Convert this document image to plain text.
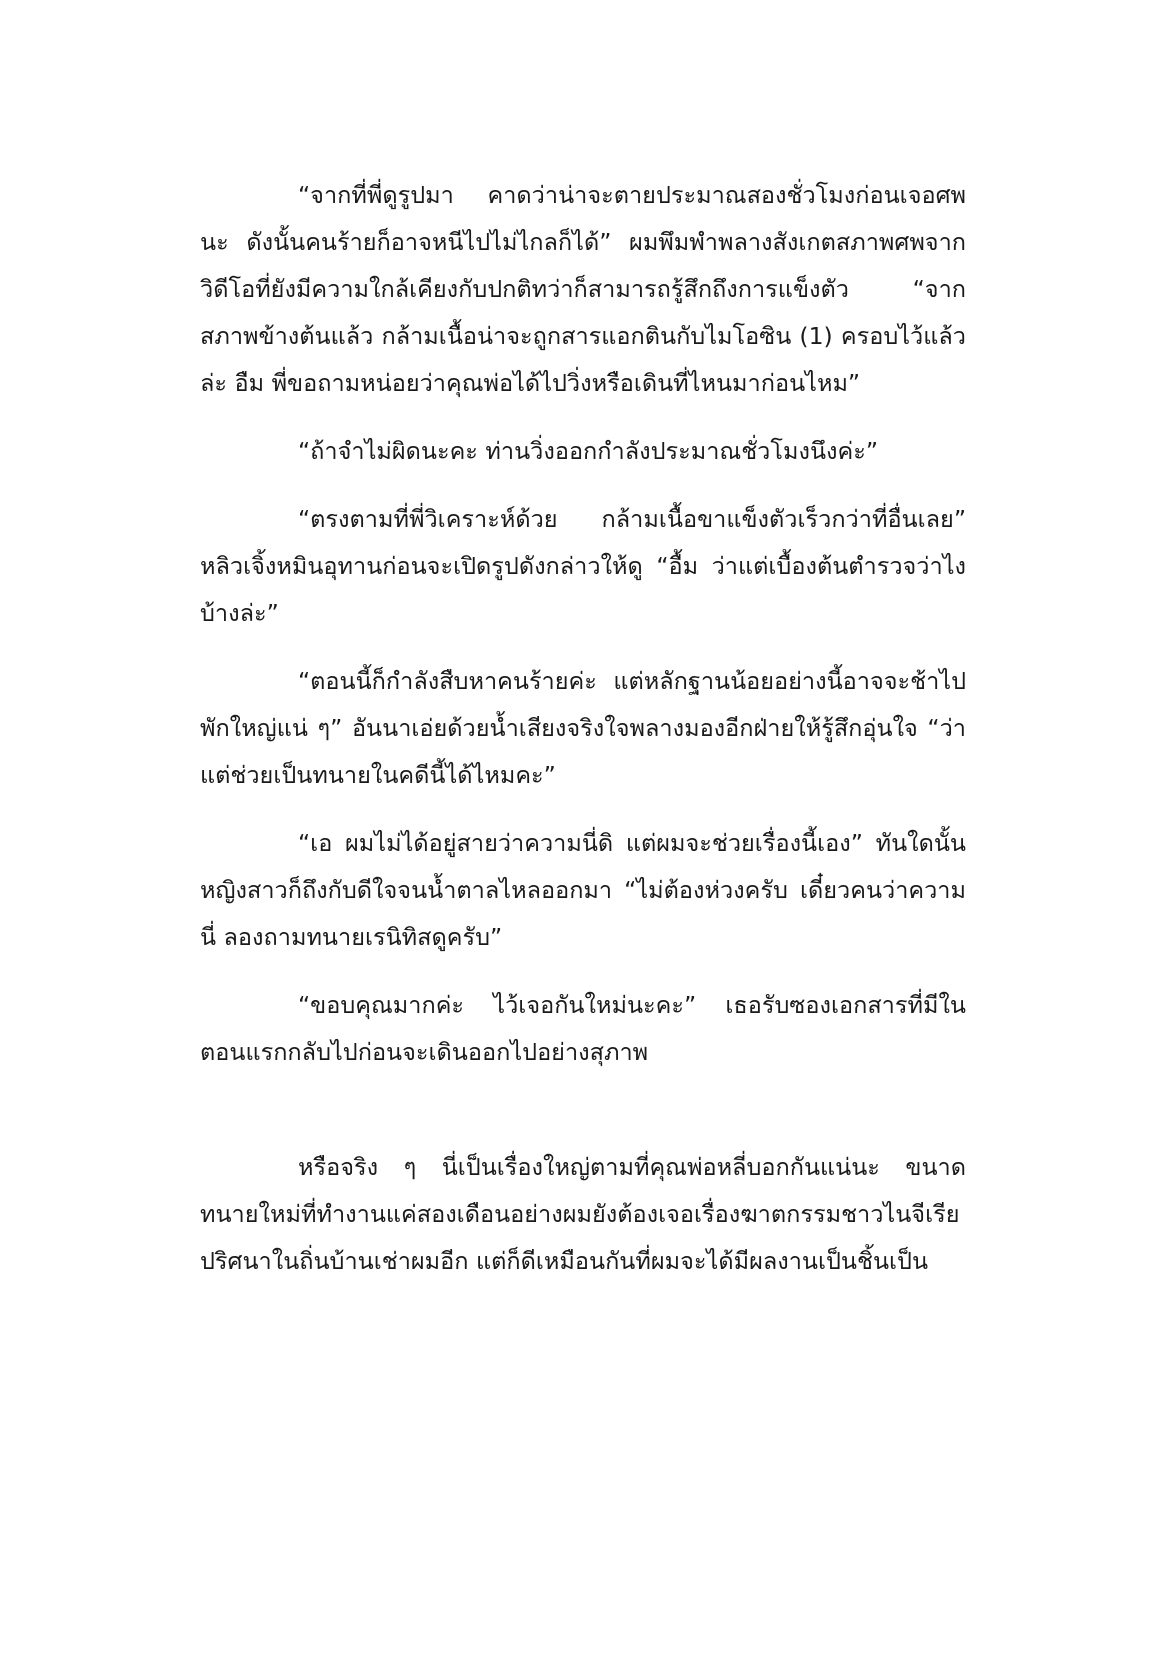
“จากที่พี่ดูรูปมา คาดว่าน่าจะตายประมาณสองชั่วโมงก่อนเจอศพนะ ดังนั้นคนร้ายก็อาจหนีไปไม่ไกลก็ได้” ผมพึมพำพลางสังเกตสภาพศพจากวิดีโอที่ยังมีความใกล้เคียงกับปกติทว่าก็สามารถรู้สึกถึงการแข็งตัว “จากสภาพข้างต้นแล้ว กล้ามเนื้อน่าจะถูกสารแอกตินกับไมโอซิน (1) ครอบไว้แล้วล่ะ อืม พี่ขอถามหน่อยว่าคุณพ่อได้ไปวิ่งหรือเดินที่ไหนมาก่อนไหม”

“ถ้าจำไม่ผิดนะคะ ท่านวิ่งออกกำลังประมาณชั่วโมงนึงค่ะ”

“ตรงตามที่พี่วิเคราะห์ด้วย กล้ามเนื้อขาแข็งตัวเร็วกว่าที่อื่นเลย” หลิวเจิ้งหมินอุทานก่อนจะเปิดรูปดังกล่าวให้ดู “อื้ม ว่าแต่เบื้องต้นตำรวจว่าไงบ้างล่ะ”

“ตอนนี้ก็กำลังสืบหาคนร้ายค่ะ แต่หลักฐานน้อยอย่างนี้อาจจะช้าไปพักใหญ่แน่ ๆ” อันนาเอ่ยด้วยน้ำเสียงจริงใจพลางมองอีกฝ่ายให้รู้สึกอุ่นใจ “ว่าแต่ช่วยเป็นทนายในคดีนี้ได้ไหมคะ”

“เอ ผมไม่ได้อยู่สายว่าความนี่ดิ แต่ผมจะช่วยเรื่องนี้เอง” ทันใดนั้นหญิงสาวก็ถึงกับดีใจจนน้ำตาลไหลออกมา “ไม่ต้องห่วงครับ เดี๋ยวคนว่าความนี่ ลองถามทนายเรนิทิสดูครับ”

“ขอบคุณมากค่ะ ไว้เจอกันใหม่นะคะ” เธอรับซองเอกสารที่มีในตอนแรกกลับไปก่อนจะเดินออกไปอย่างสุภาพ

หรือจริง ๆ นี่เป็นเรื่องใหญ่ตามที่คุณพ่อหลี่บอกกันแน่นะ ขนาดทนายใหม่ที่ทำงานแค่สองเดือนอย่างผมยังต้องเจอเรื่องฆาตกรรมชาวไนจีเรียปริศนาในถิ่นบ้านเช่าผมอีก แต่ก็ดีเหมือนกันที่ผมจะได้มีผลงานเป็นชิ้นเป็น
